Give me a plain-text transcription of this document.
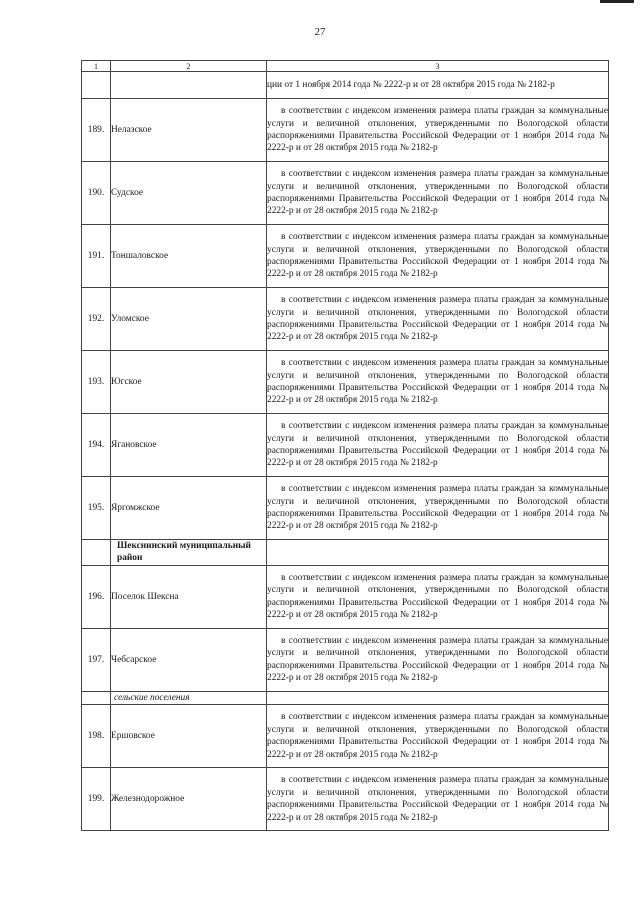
27
1	2	3
		ции от 1 ноября 2014 года № 2222-р и от 28 октября 2015 года № 2182-р
189.	Нелазское	в соответствии с индексом изменения размера платы граждан за коммунальные услуги и величиной отклонения, утвержденными по Вологодской области распоряжениями Правительства Российской Федерации от 1 ноября 2014 года № 2222-р и от 28 октября 2015 года № 2182-р
190.	Судское	в соответствии с индексом изменения размера платы граждан за коммунальные услуги и величиной отклонения, утвержденными по Вологодской области распоряжениями Правительства Российской Федерации от 1 ноября 2014 года № 2222-р и от 28 октября 2015 года № 2182-р
191.	Тоншаловское	в соответствии с индексом изменения размера платы граждан за коммунальные услуги и величиной отклонения, утвержденными по Вологодской области распоряжениями Правительства Российской Федерации от 1 ноября 2014 года № 2222-р и от 28 октября 2015 года № 2182-р
192.	Уломское	в соответствии с индексом изменения размера платы граждан за коммунальные услуги и величиной отклонения, утвержденными по Вологодской области распоряжениями Правительства Российской Федерации от 1 ноября 2014 года № 2222-р и от 28 октября 2015 года № 2182-р
193.	Югское	в соответствии с индексом изменения размера платы граждан за коммунальные услуги и величиной отклонения, утвержденными по Вологодской области распоряжениями Правительства Российской Федерации от 1 ноября 2014 года № 2222-р и от 28 октября 2015 года № 2182-р
194.	Ягановское	в соответствии с индексом изменения размера платы граждан за коммунальные услуги и величиной отклонения, утвержденными по Вологодской области распоряжениями Правительства Российской Федерации от 1 ноября 2014 года № 2222-р и от 28 октября 2015 года № 2182-р
195.	Яргомжское	в соответствии с индексом изменения размера платы граждан за коммунальные услуги и величиной отклонения, утвержденными по Вологодской области распоряжениями Правительства Российской Федерации от 1 ноября 2014 года № 2222-р и от 28 октября 2015 года № 2182-р
	Шекснинский муниципальный район	
196.	Поселок Шексна	в соответствии с индексом изменения размера платы граждан за коммунальные услуги и величиной отклонения, утвержденными по Вологодской области распоряжениями Правительства Российской Федерации от 1 ноября 2014 года № 2222-р и от 28 октября 2015 года № 2182-р
197.	Чебсарское	в соответствии с индексом изменения размера платы граждан за коммунальные услуги и величиной отклонения, утвержденными по Вологодской области распоряжениями Правительства Российской Федерации от 1 ноября 2014 года № 2222-р и от 28 октября 2015 года № 2182-р
	сельские поселения	
198.	Ершовское	в соответствии с индексом изменения размера платы граждан за коммунальные услуги и величиной отклонения, утвержденными по Вологодской области распоряжениями Правительства Российской Федерации от 1 ноября 2014 года № 2222-р и от 28 октября 2015 года № 2182-р
199.	Железнодорожное	в соответствии с индексом изменения размера платы граждан за коммунальные услуги и величиной отклонения, утвержденными по Вологодской области распоряжениями Правительства Российской Федерации от 1 ноября 2014 года № 2222-р и от 28 октября 2015 года № 2182-р
